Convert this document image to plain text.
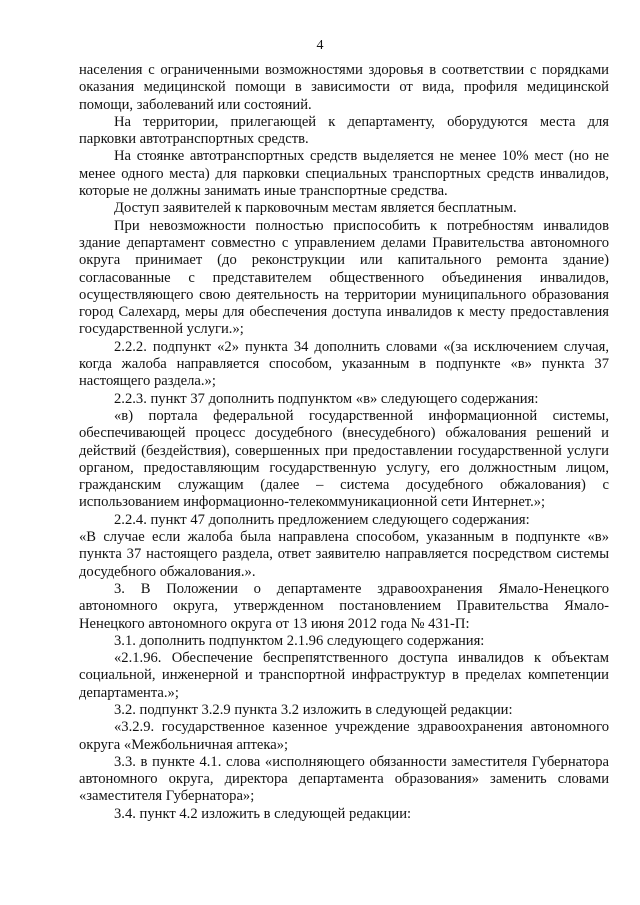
4

населения с ограниченными возможностями здоровья в соответствии с порядками оказания медицинской помощи в зависимости от вида, профиля медицинской помощи, заболеваний или состояний.

На территории, прилегающей к департаменту, оборудуются места для парковки автотранспортных средств.

На стоянке автотранспортных средств выделяется не менее 10% мест (но не менее одного места) для парковки специальных транспортных средств инвалидов, которые не должны занимать иные транспортные средства.

Доступ заявителей к парковочным местам является бесплатным.

При невозможности полностью приспособить к потребностям инвалидов здание департамент совместно с управлением делами Правительства автономного округа принимает (до реконструкции или капитального ремонта здание) согласованные с представителем общественного объединения инвалидов, осуществляющего свою деятельность на территории муниципального образования город Салехард, меры для обеспечения доступа инвалидов к месту предоставления государственной услуги.»;

2.2.2. подпункт «2» пункта 34 дополнить словами «(за исключением случая, когда жалоба направляется способом, указанным в подпункте «в» пункта 37 настоящего раздела.»;

2.2.3. пункт 37 дополнить подпунктом «в» следующего содержания:

«в) портала федеральной государственной информационной системы, обеспечивающей процесс досудебного (внесудебного) обжалования решений и действий (бездействия), совершенных при предоставлении государственной услуги органом, предоставляющим государственную услугу, его должностным лицом, гражданским служащим (далее – система досудебного обжалования) с использованием информационно-телекоммуникационной сети Интернет.»;

2.2.4. пункт 47 дополнить предложением следующего содержания:

«В случае если жалоба была направлена способом, указанным в подпункте «в» пункта 37 настоящего раздела, ответ заявителю направляется посредством системы досудебного обжалования.».

3. В Положении о департаменте здравоохранения Ямало-Ненецкого автономного округа, утвержденном постановлением Правительства Ямало-Ненецкого автономного округа от 13 июня 2012 года № 431-П:

3.1. дополнить подпунктом 2.1.96 следующего содержания:

«2.1.96. Обеспечение беспрепятственного доступа инвалидов к объектам социальной, инженерной и транспортной инфраструктур в пределах компетенции департамента.»;

3.2. подпункт 3.2.9 пункта 3.2 изложить в следующей редакции:

«3.2.9. государственное казенное учреждение здравоохранения автономного округа «Межбольничная аптека»;

3.3. в пункте 4.1. слова «исполняющего обязанности заместителя Губернатора автономного округа, директора департамента образования» заменить словами «заместителя Губернатора»;

3.4. пункт 4.2 изложить в следующей редакции:
